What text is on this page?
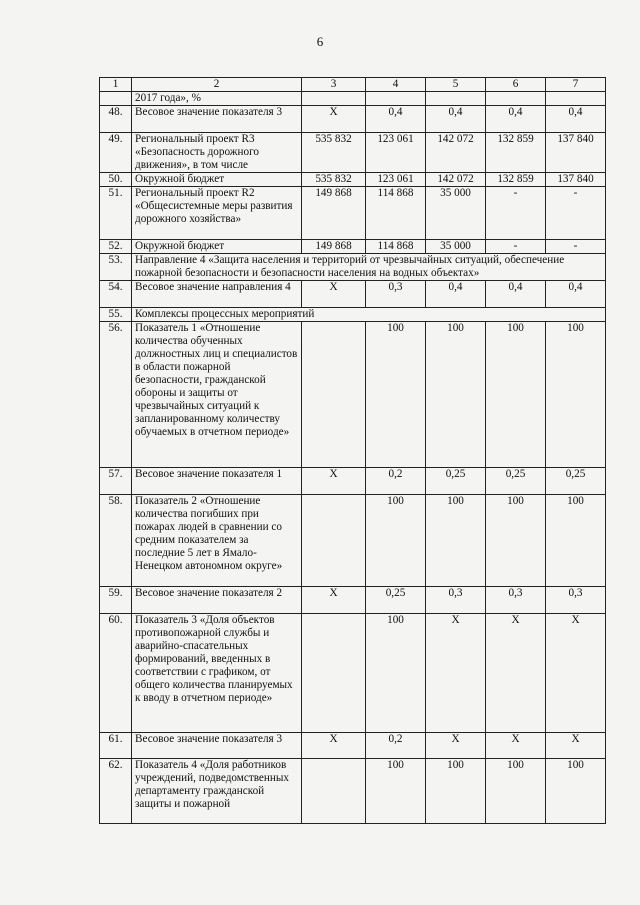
6
1	2	3	4	5	6	7
	2017 года», %					
48.	Весовое значение показателя 3	X	0,4	0,4	0,4	0,4
49.	Региональный проект R3 «Безопасность дорожного движения», в том числе	535 832	123 061	142 072	132 859	137 840
50.	Окружной бюджет	535 832	123 061	142 072	132 859	137 840
51.	Региональный проект R2 «Общесистемные меры развития дорожного хозяйства»	149 868	114 868	35 000	-	-
52.	Окружной бюджет	149 868	114 868	35 000	-	-
53.	Направление 4 «Защита населения и территорий от чрезвычайных ситуаций, обеспечение пожарной безопасности и безопасности населения на водных объектах»					
54.	Весовое значение направления 4	X	0,3	0,4	0,4	0,4
55.	Комплексы процессных мероприятий					
56.	Показатель 1 «Отношение количества обученных должностных лиц и специалистов в области пожарной безопасности, гражданской обороны и защиты от чрезвычайных ситуаций к запланированному количеству обучаемых в отчетном периоде»		100	100	100	100
57.	Весовое значение показателя 1	X	0,2	0,25	0,25	0,25
58.	Показатель 2 «Отношение количества погибших при пожарах людей в сравнении со средним показателем за последние 5 лет в Ямало-Ненецком автономном округе»		100	100	100	100
59.	Весовое значение показателя 2	X	0,25	0,3	0,3	0,3
60.	Показатель 3 «Доля объектов противопожарной службы и аварийно-спасательных формирований, введенных в соответствии с графиком, от общего количества планируемых к вводу в отчетном периоде»		100	X	X	X
61.	Весовое значение показателя 3	X	0,2	X	X	X
62.	Показатель 4 «Доля работников учреждений, подведомственных департаменту гражданской защиты и пожарной		100	100	100	100
